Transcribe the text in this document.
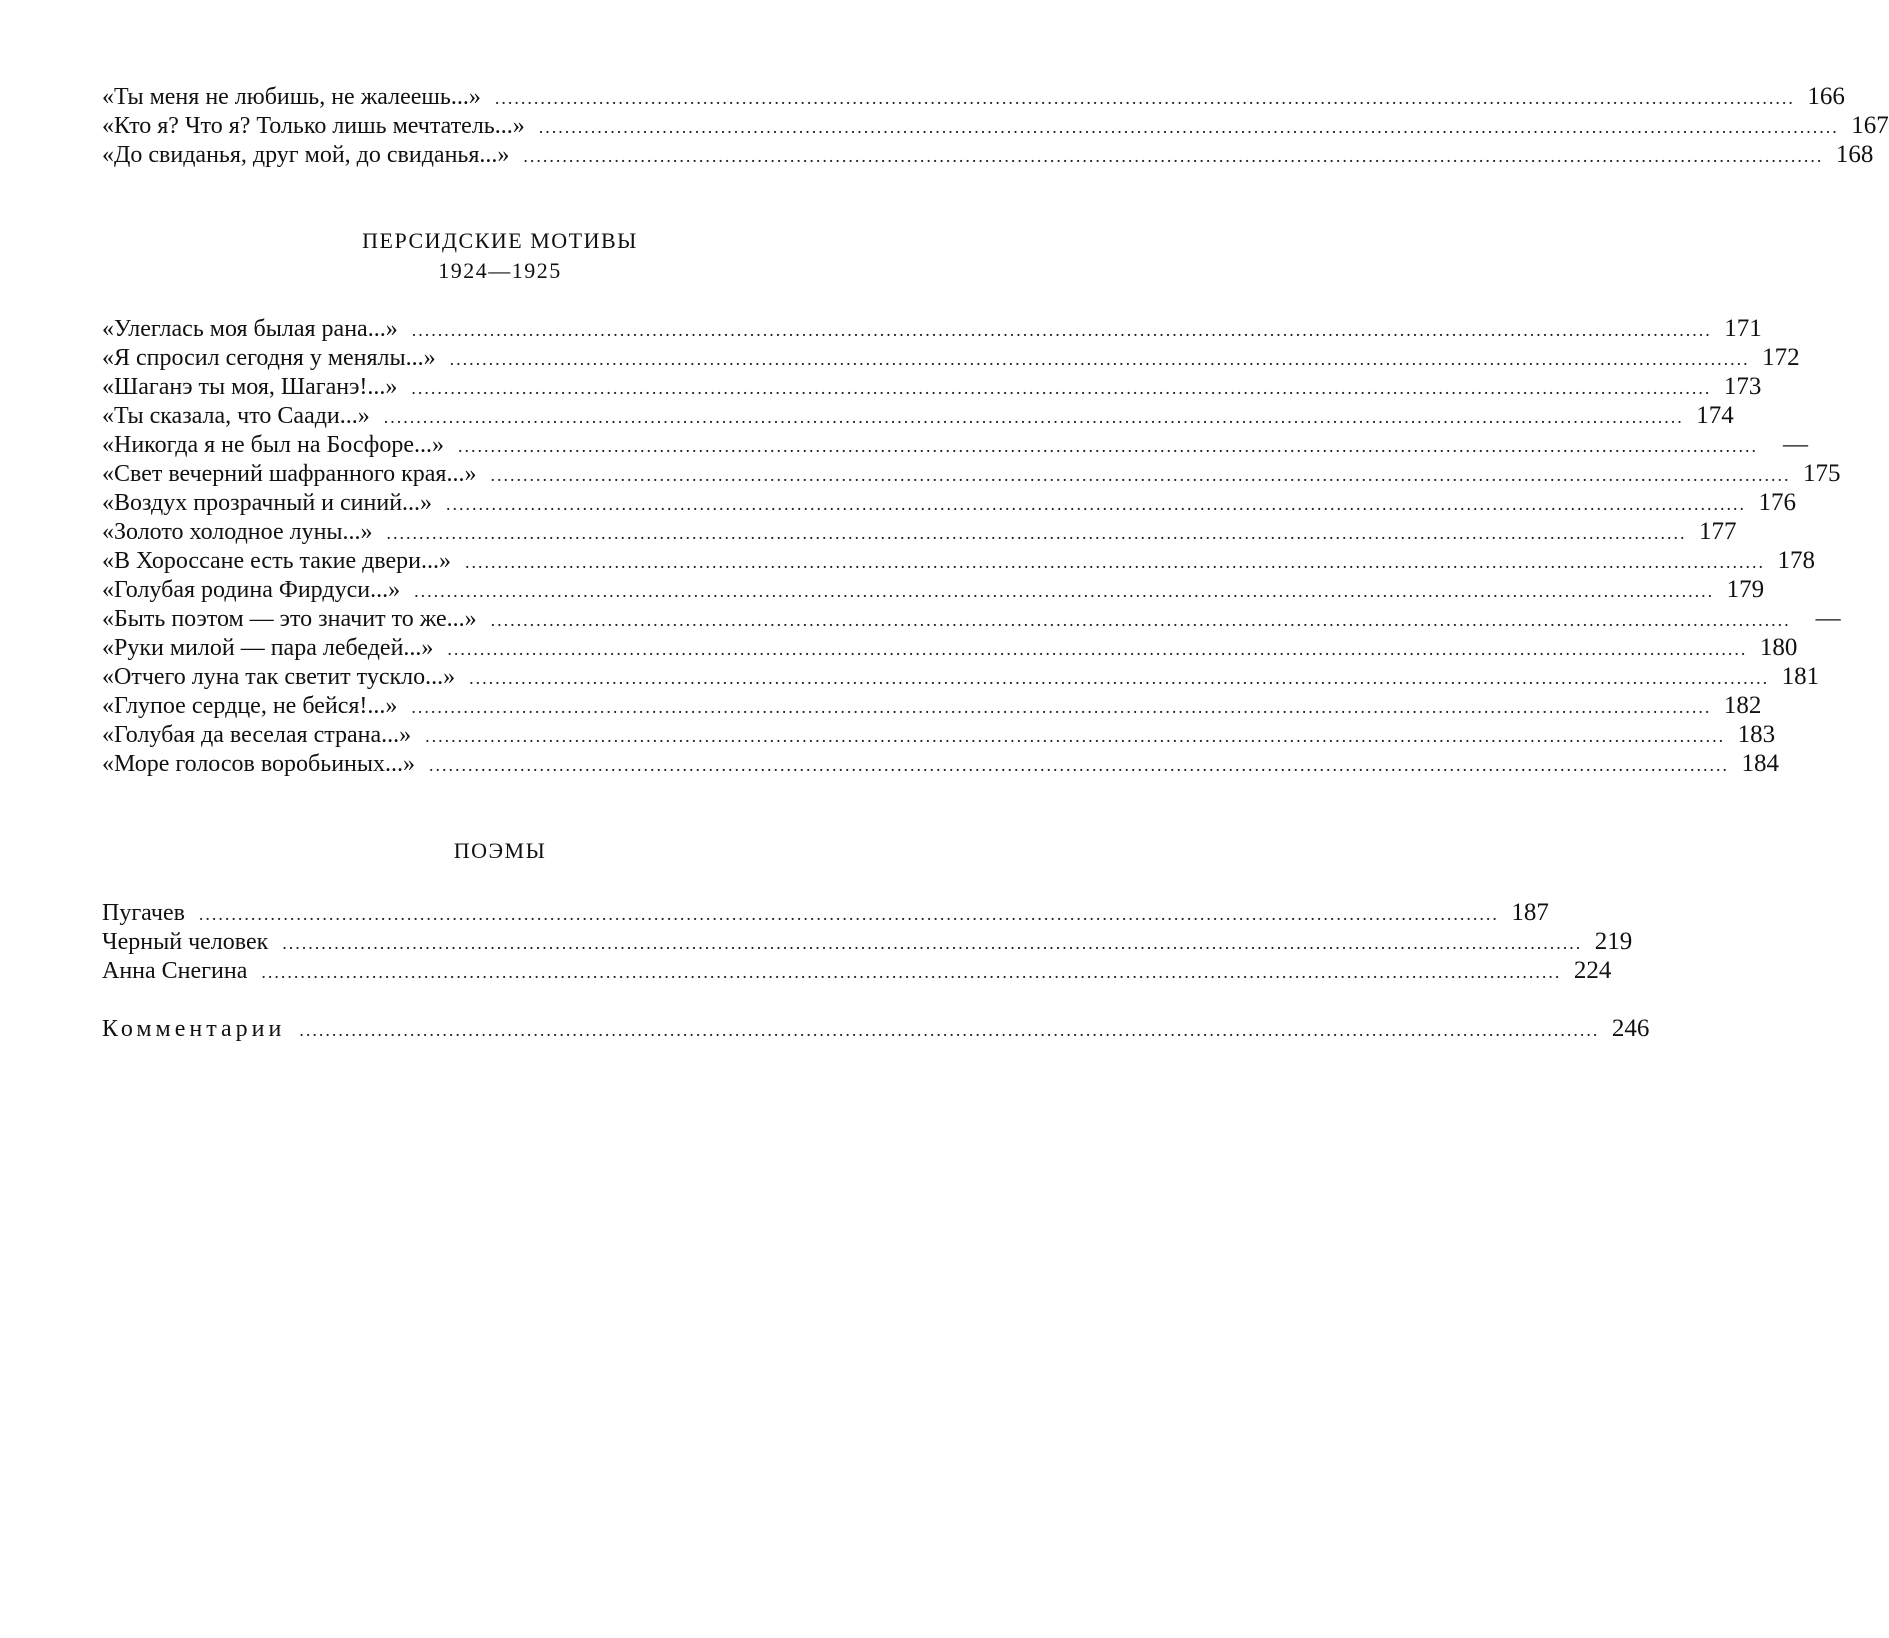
«Ты меня не любишь, не жалеешь...» ........................................................................................................................................................................................................ 166
«Кто я? Что я? Только лишь мечтатель...» ........................................................................................................................................................................................................ 167
«До свиданья, друг мой, до свиданья...» ........................................................................................................................................................................................................ 168
ПЕРСИДСКИЕ МОТИВЫ
1924—1925
«Улеглась моя былая рана...» ........................................................................................................................................................................................................ 171
«Я спросил сегодня у менялы...» ........................................................................................................................................................................................................ 172
«Шаганэ ты моя, Шаганэ!...» ........................................................................................................................................................................................................ 173
«Ты сказала, что Саади...» ........................................................................................................................................................................................................ 174
«Никогда я не был на Босфоре...» ........................................................................................................................................................................................................	—
«Свет вечерний шафранного края...» ........................................................................................................................................................................................................ 175
«Воздух прозрачный и синий...» ........................................................................................................................................................................................................ 176
«Золото холодное луны...» ........................................................................................................................................................................................................ 177
«В Хороссане есть такие двери...» ........................................................................................................................................................................................................ 178
«Голубая родина Фирдуси...» ........................................................................................................................................................................................................ 179
«Быть поэтом — это значит то же...» ........................................................................................................................................................................................................	—
«Руки милой — пара лебедей...» ........................................................................................................................................................................................................ 180
«Отчего луна так светит тускло...» ........................................................................................................................................................................................................ 181
«Глупое сердце, не бейся!...» ........................................................................................................................................................................................................ 182
«Голубая да веселая страна...» ........................................................................................................................................................................................................ 183
«Море голосов воробьиных...» ........................................................................................................................................................................................................ 184
ПОЭМЫ
Пугачев ........................................................................................................................................................................................................ 187
Черный человек ........................................................................................................................................................................................................ 219
Анна Снегина ........................................................................................................................................................................................................ 224
Комментарии ........................................................................................................................................................................................................ 246
